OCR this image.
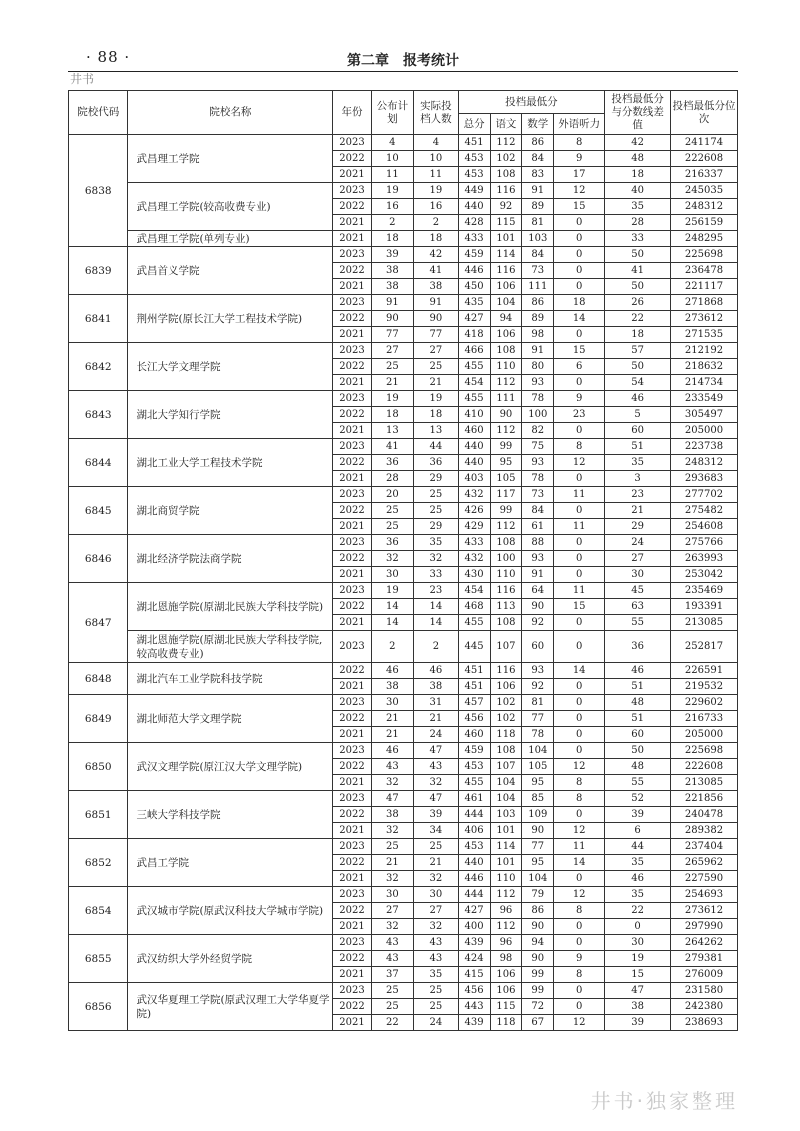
· 88 ·	第二章　报考统计
井书
院校代码	院校名称	年份	公布计划	实际投档人数	投档最低分				投档最低分与分数线差值	投档最低分位次
					总分	语文	数学	外语听力		
6838	武昌理工学院	2023	4	4	451	112	86	8	42	241174
		2022	10	10	453	102	84	9	48	222608
		2021	11	11	453	108	83	17	18	216337
	武昌理工学院(较高收费专业)	2023	19	19	449	116	91	12	40	245035
		2022	16	16	440	92	89	15	35	248312
		2021	2	2	428	115	81	0	28	256159
	武昌理工学院(单列专业)	2021	18	18	433	101	103	0	33	248295
6839	武昌首义学院	2023	39	42	459	114	84	0	50	225698
		2022	38	41	446	116	73	0	41	236478
		2021	38	38	450	106	111	0	50	221117
6841	荆州学院(原长江大学工程技术学院)	2023	91	91	435	104	86	18	26	271868
		2022	90	90	427	94	89	14	22	273612
		2021	77	77	418	106	98	0	18	271535
6842	长江大学文理学院	2023	27	27	466	108	91	15	57	212192
		2022	25	25	455	110	80	6	50	218632
		2021	21	21	454	112	93	0	54	214734
6843	湖北大学知行学院	2023	19	19	455	111	78	9	46	233549
		2022	18	18	410	90	100	23	5	305497
		2021	13	13	460	112	82	0	60	205000
6844	湖北工业大学工程技术学院	2023	41	44	440	99	75	8	51	223738
		2022	36	36	440	95	93	12	35	248312
		2021	28	29	403	105	78	0	3	293683
6845	湖北商贸学院	2023	20	25	432	117	73	11	23	277702
		2022	25	25	426	99	84	0	21	275482
		2021	25	29	429	112	61	11	29	254608
6846	湖北经济学院法商学院	2023	36	35	433	108	88	0	24	275766
		2022	32	32	432	100	93	0	27	263993
		2021	30	33	430	110	91	0	30	253042
6847	湖北恩施学院(原湖北民族大学科技学院)	2023	19	23	454	116	64	11	45	235469
		2022	14	14	468	113	90	15	63	193391
		2021	14	14	455	108	92	0	55	213085
	湖北恩施学院(原湖北民族大学科技学院,较高收费专业)	2023	2	2	445	107	60	0	36	252817
6848	湖北汽车工业学院科技学院	2022	46	46	451	116	93	14	46	226591
		2021	38	38	451	106	92	0	51	219532
6849	湖北师范大学文理学院	2023	30	31	457	102	81	0	48	229602
		2022	21	21	456	102	77	0	51	216733
		2021	21	24	460	118	78	0	60	205000
6850	武汉文理学院(原江汉大学文理学院)	2023	46	47	459	108	104	0	50	225698
		2022	43	43	453	107	105	12	48	222608
		2021	32	32	455	104	95	8	55	213085
6851	三峡大学科技学院	2023	47	47	461	104	85	8	52	221856
		2022	38	39	444	103	109	0	39	240478
		2021	32	34	406	101	90	12	6	289382
6852	武昌工学院	2023	25	25	453	114	77	11	44	237404
		2022	21	21	440	101	95	14	35	265962
		2021	32	32	446	110	104	0	46	227590
6854	武汉城市学院(原武汉科技大学城市学院)	2023	30	30	444	112	79	12	35	254693
		2022	27	27	427	96	86	8	22	273612
		2021	32	32	400	112	90	0	0	297990
6855	武汉纺织大学外经贸学院	2023	43	43	439	96	94	0	30	264262
		2022	43	43	424	98	90	9	19	279381
		2021	37	35	415	106	99	8	15	276009
6856	武汉华夏理工学院(原武汉理工大学华夏学院)	2023	25	25	456	106	99	0	47	231580
		2022	25	25	443	115	72	0	38	242380
		2021	22	24	439	118	67	12	39	238693
井书·独家整理
